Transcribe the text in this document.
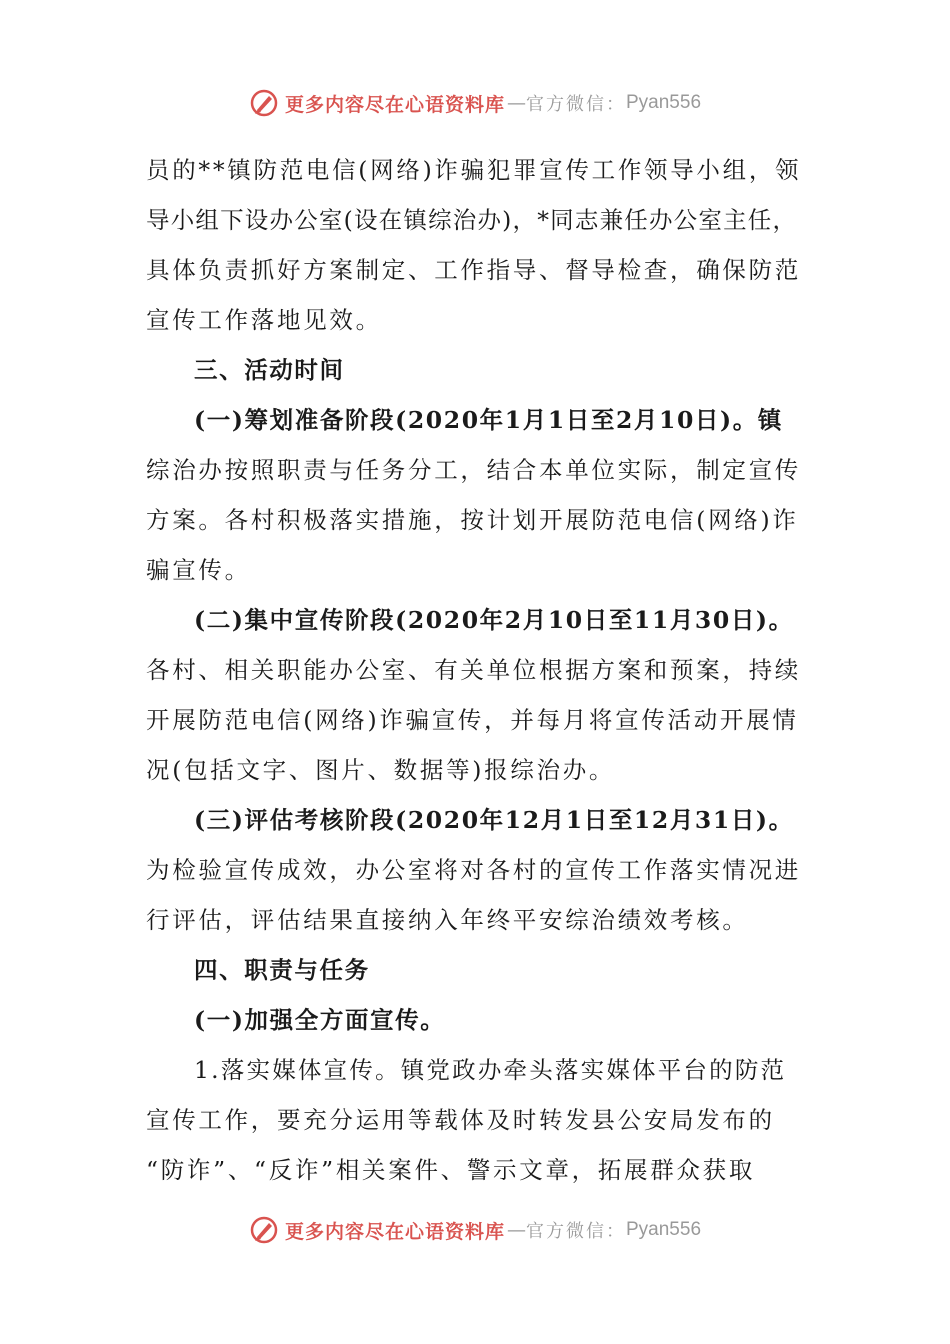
更多内容尽在心语资料库 — 官方微信： Pyan556
员的**镇防范电信(网络)诈骗犯罪宣传工作领导小组，领
导小组下设办公室(设在镇综治办)，*同志兼任办公室主任，
具体负责抓好方案制定、工作指导、督导检查，确保防范
宣传工作落地见效。
三、活动时间
(一)筹划准备阶段(2020年1月1日至2月10日)。镇
综治办按照职责与任务分工，结合本单位实际，制定宣传
方案。各村积极落实措施，按计划开展防范电信(网络)诈
骗宣传。
(二)集中宣传阶段(2020年2月10日至11月30日)。
各村、相关职能办公室、有关单位根据方案和预案，持续
开展防范电信(网络)诈骗宣传，并每月将宣传活动开展情
况(包括文字、图片、数据等)报综治办。
(三)评估考核阶段(2020年12月1日至12月31日)。
为检验宣传成效，办公室将对各村的宣传工作落实情况进
行评估，评估结果直接纳入年终平安综治绩效考核。
四、职责与任务
(一)加强全方面宣传。
1.落实媒体宣传。镇党政办牵头落实媒体平台的防范
宣传工作，要充分运用等载体及时转发县公安局发布的
“防诈”、“反诈”相关案件、警示文章，拓展群众获取
更多内容尽在心语资料库 — 官方微信： Pyan556
